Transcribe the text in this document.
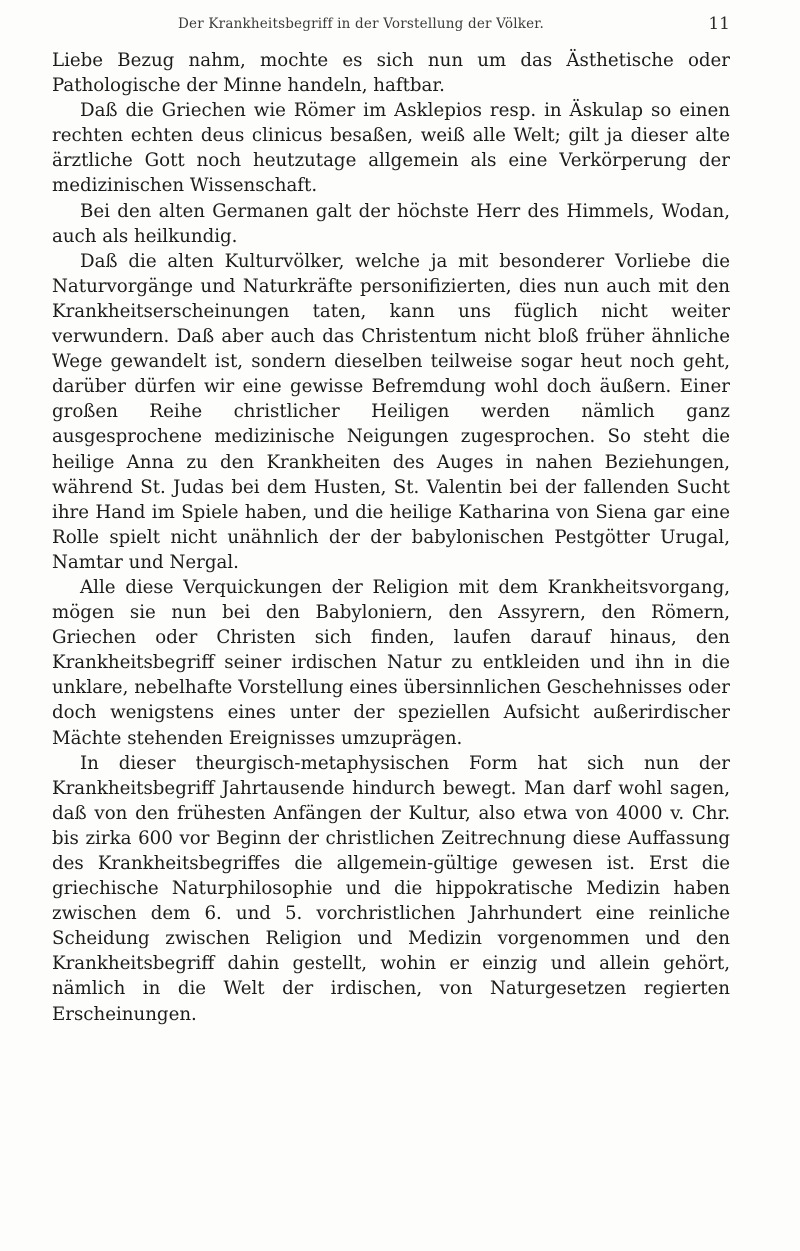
Der Krankheitsbegriff in der Vorstellung der Völker.	11

Liebe Bezug nahm, mochte es sich nun um das Ästhetische oder Pathologische der Minne handeln, haftbar.

Daß die Griechen wie Römer im Asklepios resp. in Äskulap so einen rechten echten deus clinicus besaßen, weiß alle Welt; gilt ja dieser alte ärztliche Gott noch heutzutage allgemein als eine Verkörperung der medizinischen Wissenschaft.

Bei den alten Germanen galt der höchste Herr des Himmels, Wodan, auch als heilkundig.

Daß die alten Kulturvölker, welche ja mit besonderer Vorliebe die Naturvorgänge und Naturkräfte personifizierten, dies nun auch mit den Krankheitserscheinungen taten, kann uns füglich nicht weiter verwundern. Daß aber auch das Christentum nicht bloß früher ähnliche Wege gewandelt ist, sondern dieselben teilweise sogar heut noch geht, darüber dürfen wir eine gewisse Befremdung wohl doch äußern. Einer großen Reihe christlicher Heiligen werden nämlich ganz ausgesprochene medizinische Neigungen zugesprochen. So steht die heilige Anna zu den Krankheiten des Auges in nahen Beziehungen, während St. Judas bei dem Husten, St. Valentin bei der fallenden Sucht ihre Hand im Spiele haben, und die heilige Katharina von Siena gar eine Rolle spielt nicht unähnlich der der babylonischen Pestgötter Urugal, Namtar und Nergal.

Alle diese Verquickungen der Religion mit dem Krankheitsvorgang, mögen sie nun bei den Babyloniern, den Assyrern, den Römern, Griechen oder Christen sich finden, laufen darauf hinaus, den Krankheitsbegriff seiner irdischen Natur zu entkleiden und ihn in die unklare, nebelhafte Vorstellung eines übersinnlichen Geschehnisses oder doch wenigstens eines unter der speziellen Aufsicht außerirdischer Mächte stehenden Ereignisses umzuprägen.

In dieser theurgisch-metaphysischen Form hat sich nun der Krankheitsbegriff Jahrtausende hindurch bewegt. Man darf wohl sagen, daß von den frühesten Anfängen der Kultur, also etwa von 4000 v. Chr. bis zirka 600 vor Beginn der christlichen Zeitrechnung diese Auffassung des Krankheitsbegriffes die allgemein-gültige gewesen ist. Erst die griechische Naturphilosophie und die hippokratische Medizin haben zwischen dem 6. und 5. vorchristlichen Jahrhundert eine reinliche Scheidung zwischen Religion und Medizin vorgenommen und den Krankheitsbegriff dahin gestellt, wohin er einzig und allein gehört, nämlich in die Welt der irdischen, von Naturgesetzen regierten Erscheinungen.
